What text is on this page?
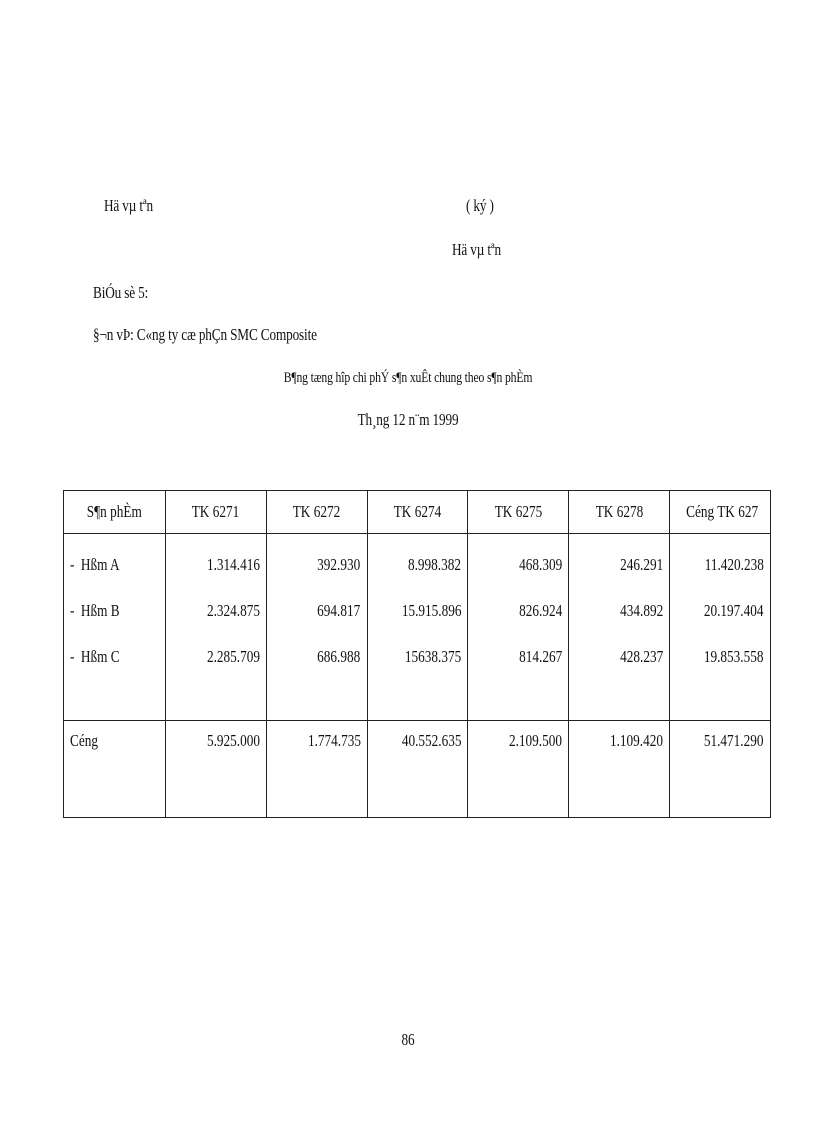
Hä vµ tªn	( ký )
Hä vµ tªn
BiÓu sè 5:
§¬n vÞ: C«ng ty cæ phÇn SMC Composite
B¶ng tæng hîp chi phÝ s¶n xuÊt chung theo s¶n phÈm
Th¸ng 12 n¨m 1999
S¶n phÈm	TK 6271	TK 6272	TK 6274	TK 6275	TK 6278	Céng TK 627
- Hßm A	1.314.416	392.930	8.998.382	468.309	246.291	11.420.238
- Hßm B	2.324.875	694.817	15.915.896	826.924	434.892	20.197.404
- Hßm C	2.285.709	686.988	15638.375	814.267	428.237	19.853.558

Céng	5.925.000	1.774.735	40.552.635	2.109.500	1.109.420	51.471.290
86
